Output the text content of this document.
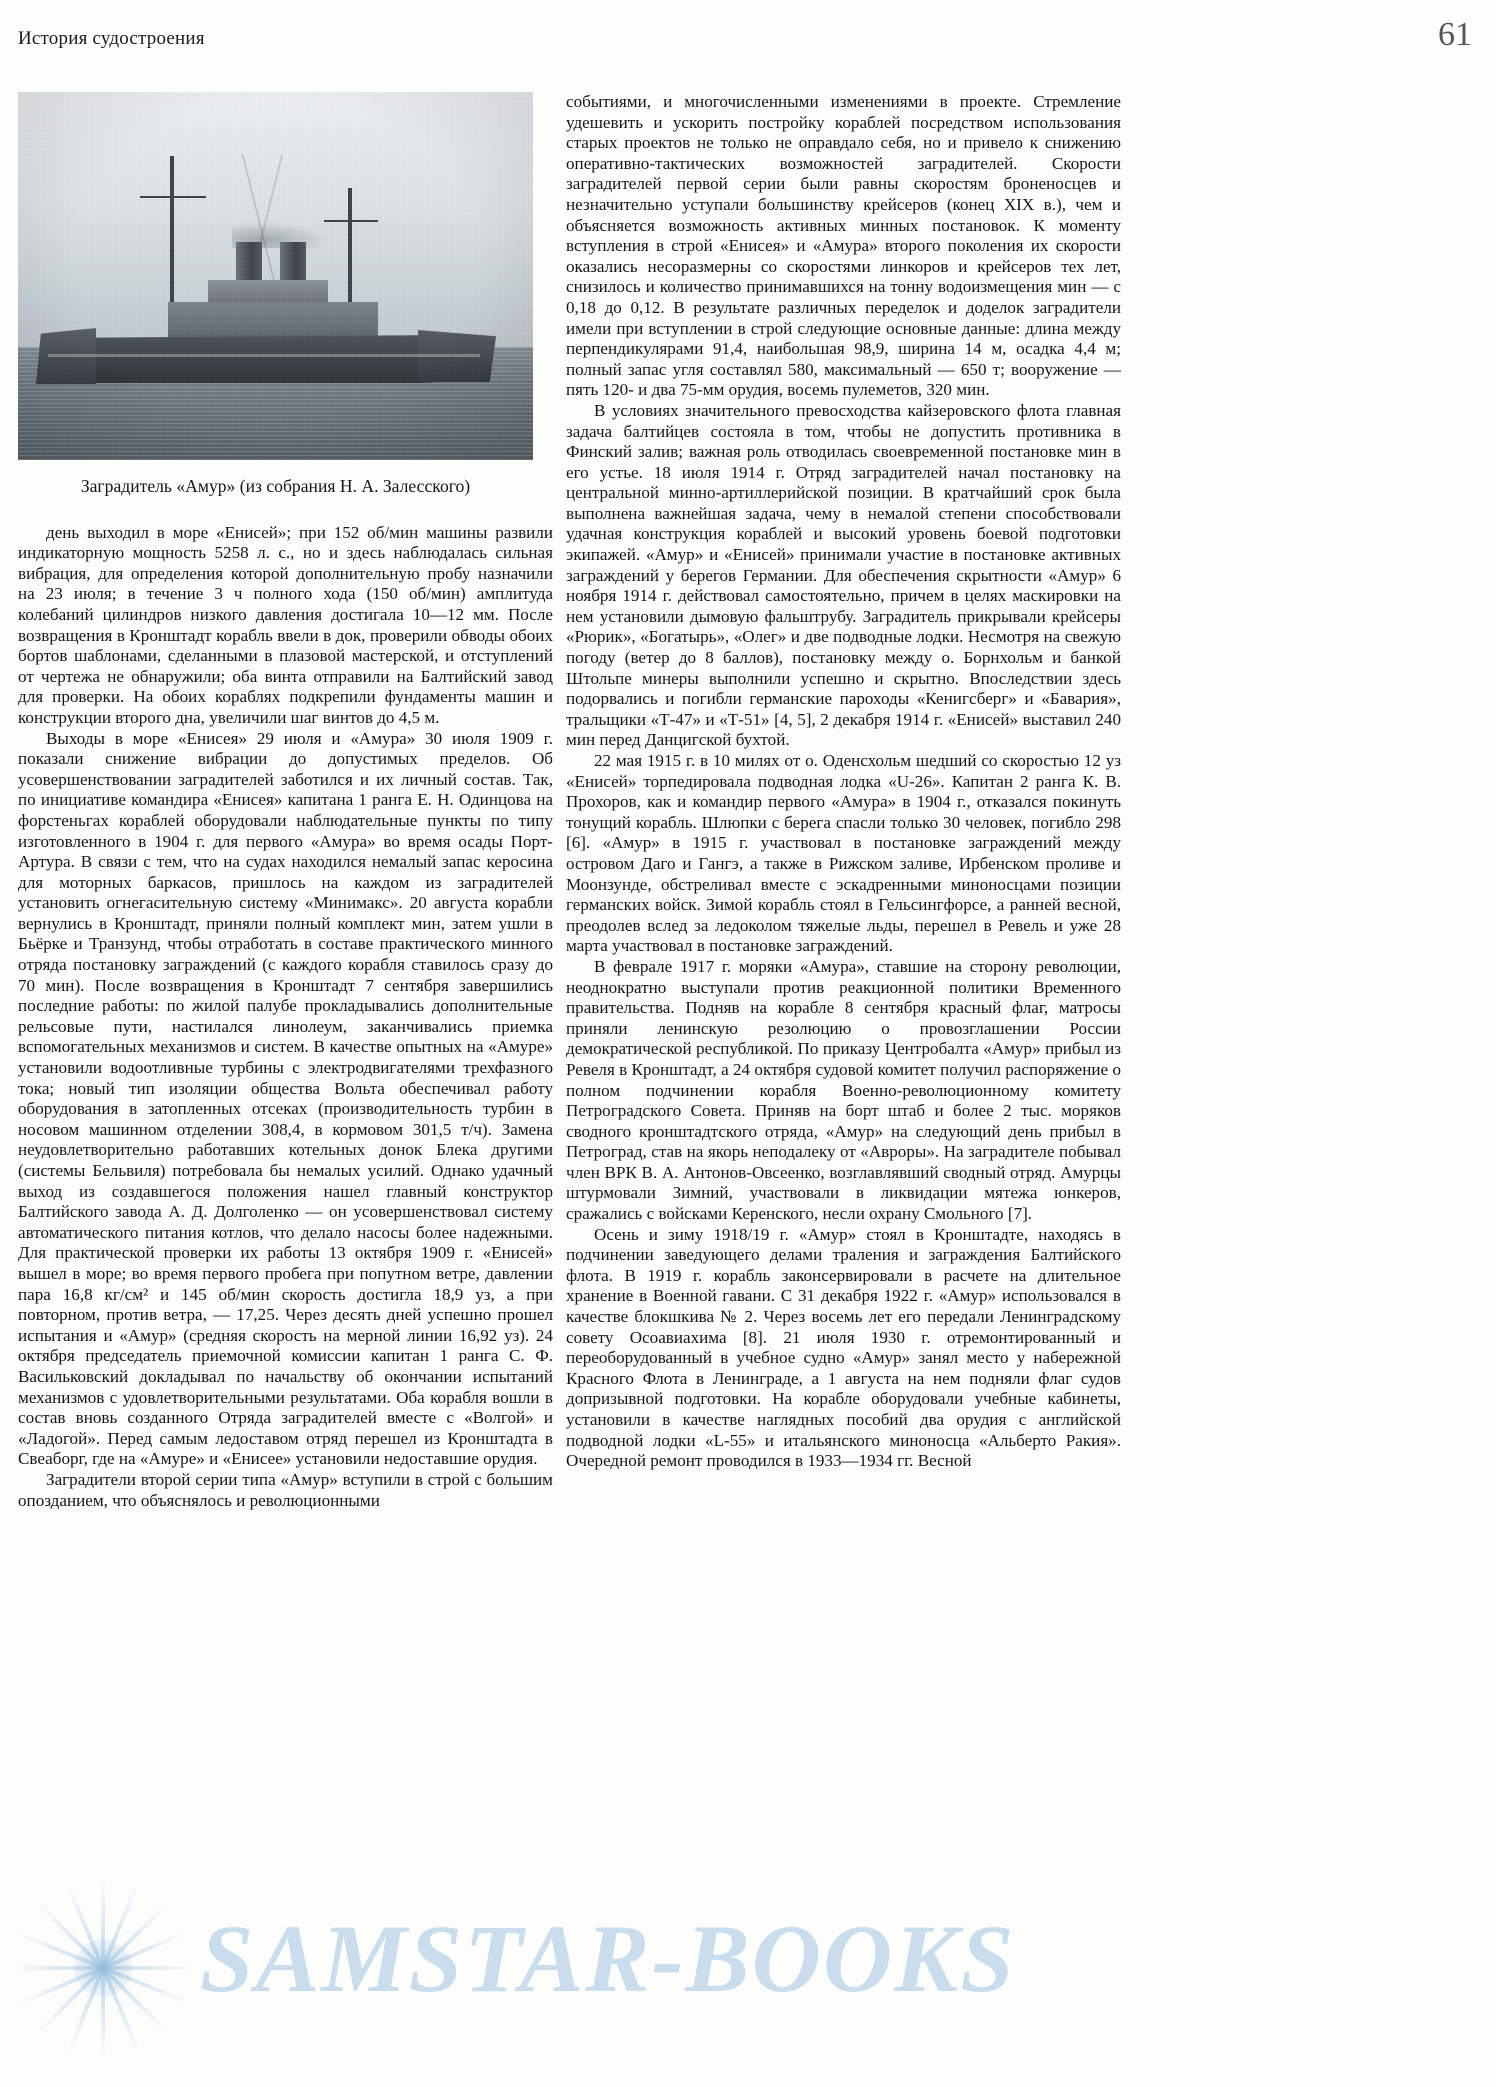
История судостроения	61
Заградитель «Амур» (из собрания Н. А. Залесского)

день выходил в море «Енисей»; при 152 об/мин машины развили индикаторную мощность 5258 л. с., но и здесь наблюдалась сильная вибрация, для определения которой дополнительную пробу назначили на 23 июля; в течение 3 ч полного хода (150 об/мин) амплитуда колебаний цилиндров низкого давления достигала 10—12 мм. После возвращения в Кронштадт корабль ввели в док, проверили обводы обоих бортов шаблонами, сделанными в плазовой мастерской, и отступлений от чертежа не обнаружили; оба винта отправили на Балтийский завод для проверки. На обоих кораблях подкрепили фундаменты машин и конструкции второго дна, увеличили шаг винтов до 4,5 м.

Выходы в море «Енисея» 29 июля и «Амура» 30 июля 1909 г. показали снижение вибрации до допустимых пределов. Об усовершенствовании заградителей заботился и их личный состав. Так, по инициативе командира «Енисея» капитана 1 ранга Е. Н. Одинцова на форстеньгах кораблей оборудовали наблюдательные пункты по типу изготовленного в 1904 г. для первого «Амура» во время осады Порт-Артура. В связи с тем, что на судах находился немалый запас керосина для моторных баркасов, пришлось на каждом из заградителей установить огнегасительную систему «Минимакс». 20 августа корабли вернулись в Кронштадт, приняли полный комплект мин, затем ушли в Бьёрке и Транзунд, чтобы отработать в составе практического минного отряда постановку заграждений (с каждого корабля ставилось сразу до 70 мин). После возвращения в Кронштадт 7 сентября завершились последние работы: по жилой палубе прокладывались дополнительные рельсовые пути, настилался линолеум, заканчивались приемка вспомогательных механизмов и систем. В качестве опытных на «Амуре» установили водоотливные турбины с электродвигателями трехфазного тока; новый тип изоляции общества Вольта обеспечивал работу оборудования в затопленных отсеках (производительность турбин в носовом машинном отделении 308,4, в кормовом 301,5 т/ч). Замена неудовлетворительно работавших котельных донок Блека другими (системы Бельвиля) потребовала бы немалых усилий. Однако удачный выход из создавшегося положения нашел главный конструктор Балтийского завода А. Д. Долголенко — он усовершенствовал систему автоматического питания котлов, что делало насосы более надежными. Для практической проверки их работы 13 октября 1909 г. «Енисей» вышел в море; во время первого пробега при попутном ветре, давлении пара 16,8 кг/см² и 145 об/мин скорость достигла 18,9 уз, а при повторном, против ветра, — 17,25. Через десять дней успешно прошел испытания и «Амур» (средняя скорость на мерной линии 16,92 уз). 24 октября председатель приемочной комиссии капитан 1 ранга С. Ф. Васильковский докладывал по начальству об окончании испытаний механизмов с удовлетворительными результатами. Оба корабля вошли в состав вновь созданного Отряда заградителей вместе с «Волгой» и «Ладогой». Перед самым ледоставом отряд перешел из Кронштадта в Свеаборг, где на «Амуре» и «Енисее» установили недоставшие орудия.

Заградители второй серии типа «Амур» вступили в строй с большим опозданием, что объяснялось и революционными

событиями, и многочисленными изменениями в проекте. Стремление удешевить и ускорить постройку кораблей посредством использования старых проектов не только не оправдало себя, но и привело к снижению оперативно-тактических возможностей заградителей. Скорости заградителей первой серии были равны скоростям броненосцев и незначительно уступали большинству крейсеров (конец XIX в.), чем и объясняется возможность активных минных постановок. К моменту вступления в строй «Енисея» и «Амура» второго поколения их скорости оказались несоразмерны со скоростями линкоров и крейсеров тех лет, снизилось и количество принимавшихся на тонну водоизмещения мин — с 0,18 до 0,12. В результате различных переделок и доделок заградители имели при вступлении в строй следующие основные данные: длина между перпендикулярами 91,4, наибольшая 98,9, ширина 14 м, осадка 4,4 м; полный запас угля составлял 580, максимальный — 650 т; вооружение — пять 120- и два 75-мм орудия, восемь пулеметов, 320 мин.

В условиях значительного превосходства кайзеровского флота главная задача балтийцев состояла в том, чтобы не допустить противника в Финский залив; важная роль отводилась своевременной постановке мин в его устье. 18 июля 1914 г. Отряд заградителей начал постановку на центральной минно-артиллерийской позиции. В кратчайший срок была выполнена важнейшая задача, чему в немалой степени способствовали удачная конструкция кораблей и высокий уровень боевой подготовки экипажей. «Амур» и «Енисей» принимали участие в постановке активных заграждений у берегов Германии. Для обеспечения скрытности «Амур» 6 ноября 1914 г. действовал самостоятельно, причем в целях маскировки на нем установили дымовую фальштрубу. Заградитель прикрывали крейсеры «Рюрик», «Богатырь», «Олег» и две подводные лодки. Несмотря на свежую погоду (ветер до 8 баллов), постановку между о. Борнхольм и банкой Штольпе минеры выполнили успешно и скрытно. Впоследствии здесь подорвались и погибли германские пароходы «Кенигсберг» и «Бавария», тральщики «Т-47» и «Т-51» [4, 5], 2 декабря 1914 г. «Енисей» выставил 240 мин перед Данцигской бухтой.

22 мая 1915 г. в 10 милях от о. Оденсхольм шедший со скоростью 12 уз «Енисей» торпедировала подводная лодка «U-26». Капитан 2 ранга К. В. Прохоров, как и командир первого «Амура» в 1904 г., отказался покинуть тонущий корабль. Шлюпки с берега спасли только 30 человек, погибло 298 [6]. «Амур» в 1915 г. участвовал в постановке заграждений между островом Даго и Гангэ, а также в Рижском заливе, Ирбенском проливе и Моонзунде, обстреливал вместе с эскадренными миноносцами позиции германских войск. Зимой корабль стоял в Гельсингфорсе, а ранней весной, преодолев вслед за ледоколом тяжелые льды, перешел в Ревель и уже 28 марта участвовал в постановке заграждений.

В феврале 1917 г. моряки «Амура», ставшие на сторону революции, неоднократно выступали против реакционной политики Временного правительства. Подняв на корабле 8 сентября красный флаг, матросы приняли ленинскую резолюцию о провозглашении России демократической республикой. По приказу Центробалта «Амур» прибыл из Ревеля в Кронштадт, а 24 октября судовой комитет получил распоряжение о полном подчинении корабля Военно-революционному комитету Петроградского Совета. Приняв на борт штаб и более 2 тыс. моряков сводного кронштадтского отряда, «Амур» на следующий день прибыл в Петроград, став на якорь неподалеку от «Авроры». На заградителе побывал член ВРК В. А. Антонов-Овсеенко, возглавлявший сводный отряд. Амурцы штурмовали Зимний, участвовали в ликвидации мятежа юнкеров, сражались с войсками Керенского, несли охрану Смольного [7].

Осень и зиму 1918/19 г. «Амур» стоял в Кронштадте, находясь в подчинении заведующего делами траления и заграждения Балтийского флота. В 1919 г. корабль законсервировали в расчете на длительное хранение в Военной гавани. С 31 декабря 1922 г. «Амур» использовался в качестве блокшкива № 2. Через восемь лет его передали Ленинградскому совету Осоавиахима [8]. 21 июля 1930 г. отремонтированный и переоборудованный в учебное судно «Амур» занял место у набережной Красного Флота в Ленинграде, а 1 августа на нем подняли флаг судов допризывной подготовки. На корабле оборудовали учебные кабинеты, установили в качестве наглядных пособий два орудия с английской подводной лодки «L-55» и итальянского миноносца «Альберто Ракия». Очередной ремонт проводился в 1933—1934 гг. Весной

SAMSTAR-BOOKS
